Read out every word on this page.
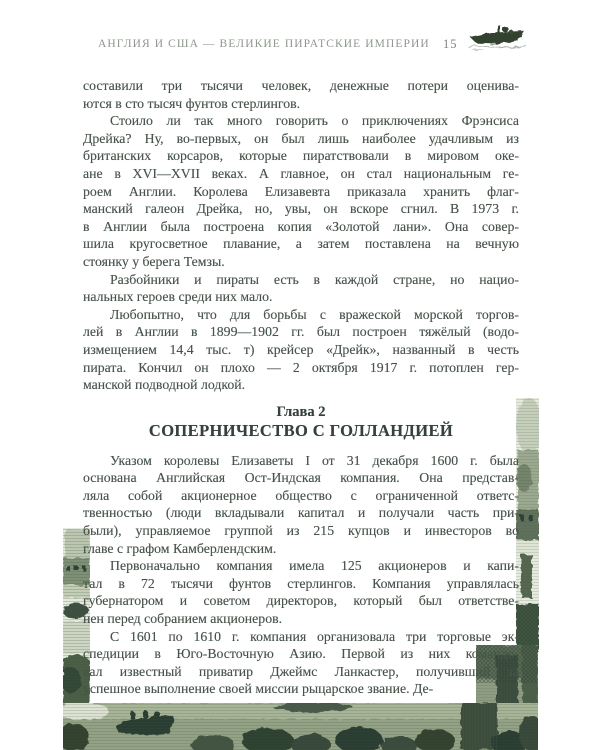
АНГЛИЯ И США — ВЕЛИКИЕ ПИРАТСКИЕ ИМПЕРИИ 15
составили три тысячи человек, денежные потери оценива-
ются в сто тысяч фунтов стерлингов.
Стоило ли так много говорить о приключениях Фрэнсиса
Дрейка? Ну, во-первых, он был лишь наиболее удачливым из
британских корсаров, которые пиратствовали в мировом оке-
ане в XVI—XVII веках. А главное, он стал национальным ге-
роем Англии. Королева Елизавевта приказала хранить флаг-
манский галеон Дрейка, но, увы, он вскоре сгнил. В 1973 г.
в Англии была построена копия «Золотой лани». Она совер-
шила кругосветное плавание, а затем поставлена на вечную
стоянку у берега Темзы.
Разбойники и пираты есть в каждой стране, но нацио-
нальных героев среди них мало.
Любопытно, что для борьбы с вражеской морской торгов-
лей в Англии в 1899—1902 гг. был построен тяжёлый (водо-
измещением 14,4 тыс. т) крейсер «Дрейк», названный в честь
пирата. Кончил он плохо — 2 октября 1917 г. потоплен гер-
манской подводной лодкой.
Глава 2
СОПЕРНИЧЕСТВО С ГОЛЛАНДИЕЙ
Указом королевы Елизаветы I от 31 декабря 1600 г. была
основана Английская Ост-Индская компания. Она представ-
ляла собой акционерное общество с ограниченной ответс-
твенностью (люди вкладывали капитал и получали часть при-
были), управляемое группой из 215 купцов и инвесторов во
главе с графом Камберлендским.
Первоначально компания имела 125 акционеров и капи-
тал в 72 тысячи фунтов стерлингов. Компания управлялась
губернатором и советом директоров, который был ответстве-
нен перед собранием акционеров.
С 1601 по 1610 г. компания организовала три торговые эк-
спедиции в Юго-Восточную Азию. Первой из них командо-
вал известный приватир Джеймс Ланкастер, получивший за
успешное выполнение своей миссии рыцарское звание. Де-
